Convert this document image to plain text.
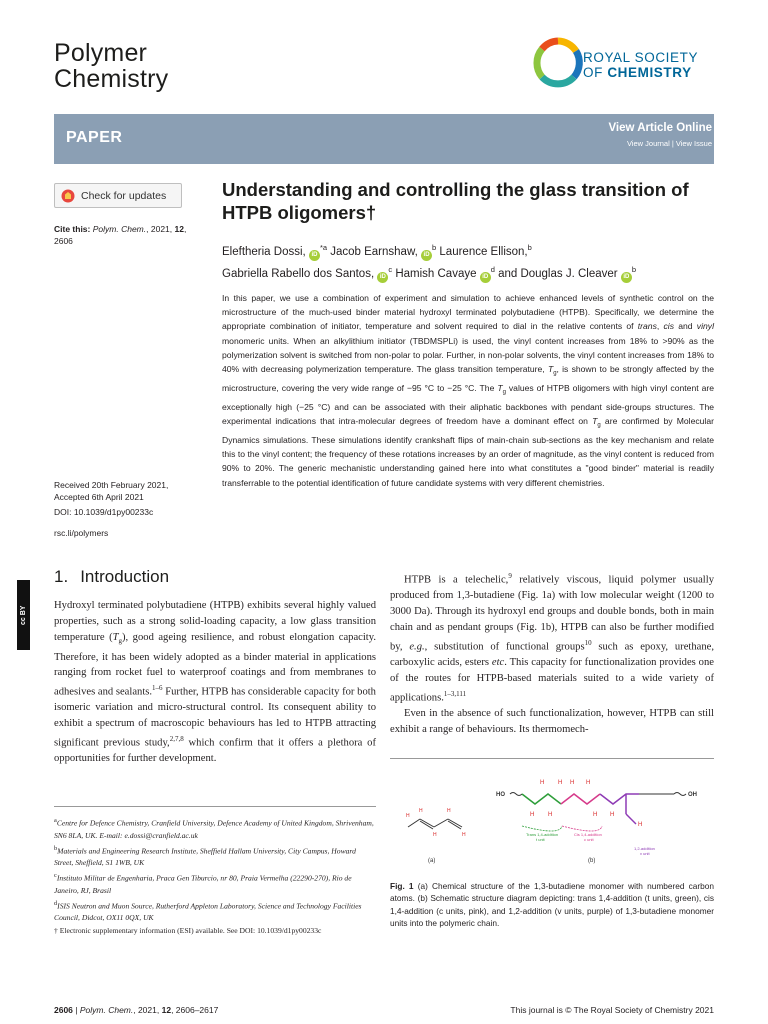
Polymer
Chemistry
ROYAL SOCIETY
OF CHEMISTRY
PAPER
View Article Online
View Journal | View Issue
Check for updates
Cite this: Polym. Chem., 2021, 12, 2606
Understanding and controlling the glass transition of HTPB oligomers†
Eleftheria Dossi, $iD^{*a}$ Jacob Earnshaw, $iD^b$ Laurence Ellison,$^b$
Gabriella Rabello dos Santos, $iD^c$ Hamish Cavaye $iD^d$ and Douglas J. Cleaver $iD^b$
In this paper, we use a combination of experiment and simulation to achieve enhanced levels of synthetic control on the microstructure of the much-used binder material hydroxyl terminated polybutadiene (HTPB). Specifically, we determine the appropriate combination of initiator, temperature and solvent required to dial in the relative contents of trans, cis and vinyl monomeric units. When an alkylithium initiator (TBDMSPLi) is used, the vinyl content increases from 18% to >90% as the polymerization solvent is switched from non-polar to polar. Further, in non-polar solvents, the vinyl content increases from 18% to 40% with decreasing polymerization temperature. The glass transition temperature, $T_g$, is shown to be strongly affected by the microstructure, covering the very wide range of −95 °C to −25 °C. The $T_g$ values of HTPB oligomers with high vinyl content are exceptionally high (−25 °C) and can be associated with their aliphatic backbones with pendant side-groups structures. The experimental indications that intra-molecular degrees of freedom have a dominant effect on $T_g$ are confirmed by Molecular Dynamics simulations. These simulations identify crankshaft flips of main-chain sub-sections as the key mechanism and relate this to the vinyl content; the frequency of these rotations increases by an order of magnitude, as the vinyl content is reduced from 90% to 20%. The generic mechanistic understanding gained here into what constitutes a "good binder" material is readily transferrable to the potential identification of future candidate systems with very different chemistries.
Received 20th February 2021,
Accepted 6th April 2021
DOI: 10.1039/d1py00233c
rsc.li/polymers
cc BY
1. Introduction

Hydroxyl terminated polybutadiene (HTPB) exhibits several highly valued properties, such as a strong solid-loading capacity, a low glass transition temperature $(T_g)$, good ageing resilience, and robust elongation capacity. Therefore, it has been widely adopted as a binder material in applications ranging from rocket fuel to waterproof coatings and from membranes to adhesives and sealants.$^{1-6}$ Further, HTPB has considerable capacity for both isomeric variation and micro-structural control. Its consequent ability to exhibit a spectrum of macroscopic behaviours has led to HTPB attracting significant previous study,$^{2,7,8}$ which confirm that it offers a plethora of opportunities for further development.

HTPB is a telechelic,$^9$ relatively viscous, liquid polymer usually produced from 1,3-butadiene (Fig. 1a) with low molecular weight (1200 to 3000 Da). Through its hydroxyl end groups and double bonds, both in main chain and as pendant groups (Fig. 1b), HTPB can also be further modified by, e.g., substitution of functional groups$^{10}$ such as epoxy, urethane, carboxylic acids, esters etc. This capacity for functionalization provides one of the routes for HTPB-based materials suited to a wide variety of applications.$^{1-3,111}$

Even in the absence of such functionalization, however, HTPB can still exhibit a range of behaviours. Its thermomech-

$^a$Centre for Defence Chemistry, Cranfield University, Defence Academy of United Kingdom, Shrivenham, SN6 8LA, UK. E-mail: e.dossi@cranfield.ac.uk

$^b$Materials and Engineering Research Institute, Sheffield Hallam University, City Campus, Howard Street, Sheffield, S1 1WB, UK

$^c$Instituto Militar de Engenharia, Praca Gen Tiburcio, nr 80, Praia Vermelha (22290-270), Rio de Janeiro, RJ, Brasil

$^d$ISIS Neutron and Muon Source, Rutherford Appleton Laboratory, Science and Technology Facilities Council, Didcot, OX11 0QX, UK

† Electronic supplementary information (ESI) available. See DOI: 10.1039/d1py00233c

H
H
H
H
H
(a)
HO	OH
H H H H
H H	H H
H
Trans 1,4-addition
t unit
Cis 1,4-addition
c unit
1,2-addition
v unit
(b)
Fig. 1 (a) Chemical structure of the 1,3-butadiene monomer with numbered carbon atoms. (b) Schematic structure diagram depicting: trans 1,4-addition (t units, green), cis 1,4-addition (c units, pink), and 1,2-addition (v units, purple) of 1,3-butadiene monomer units into the polymeric chain.
2606 | Polym. Chem., 2021, 12, 2606–2617	This journal is © The Royal Society of Chemistry 2021
